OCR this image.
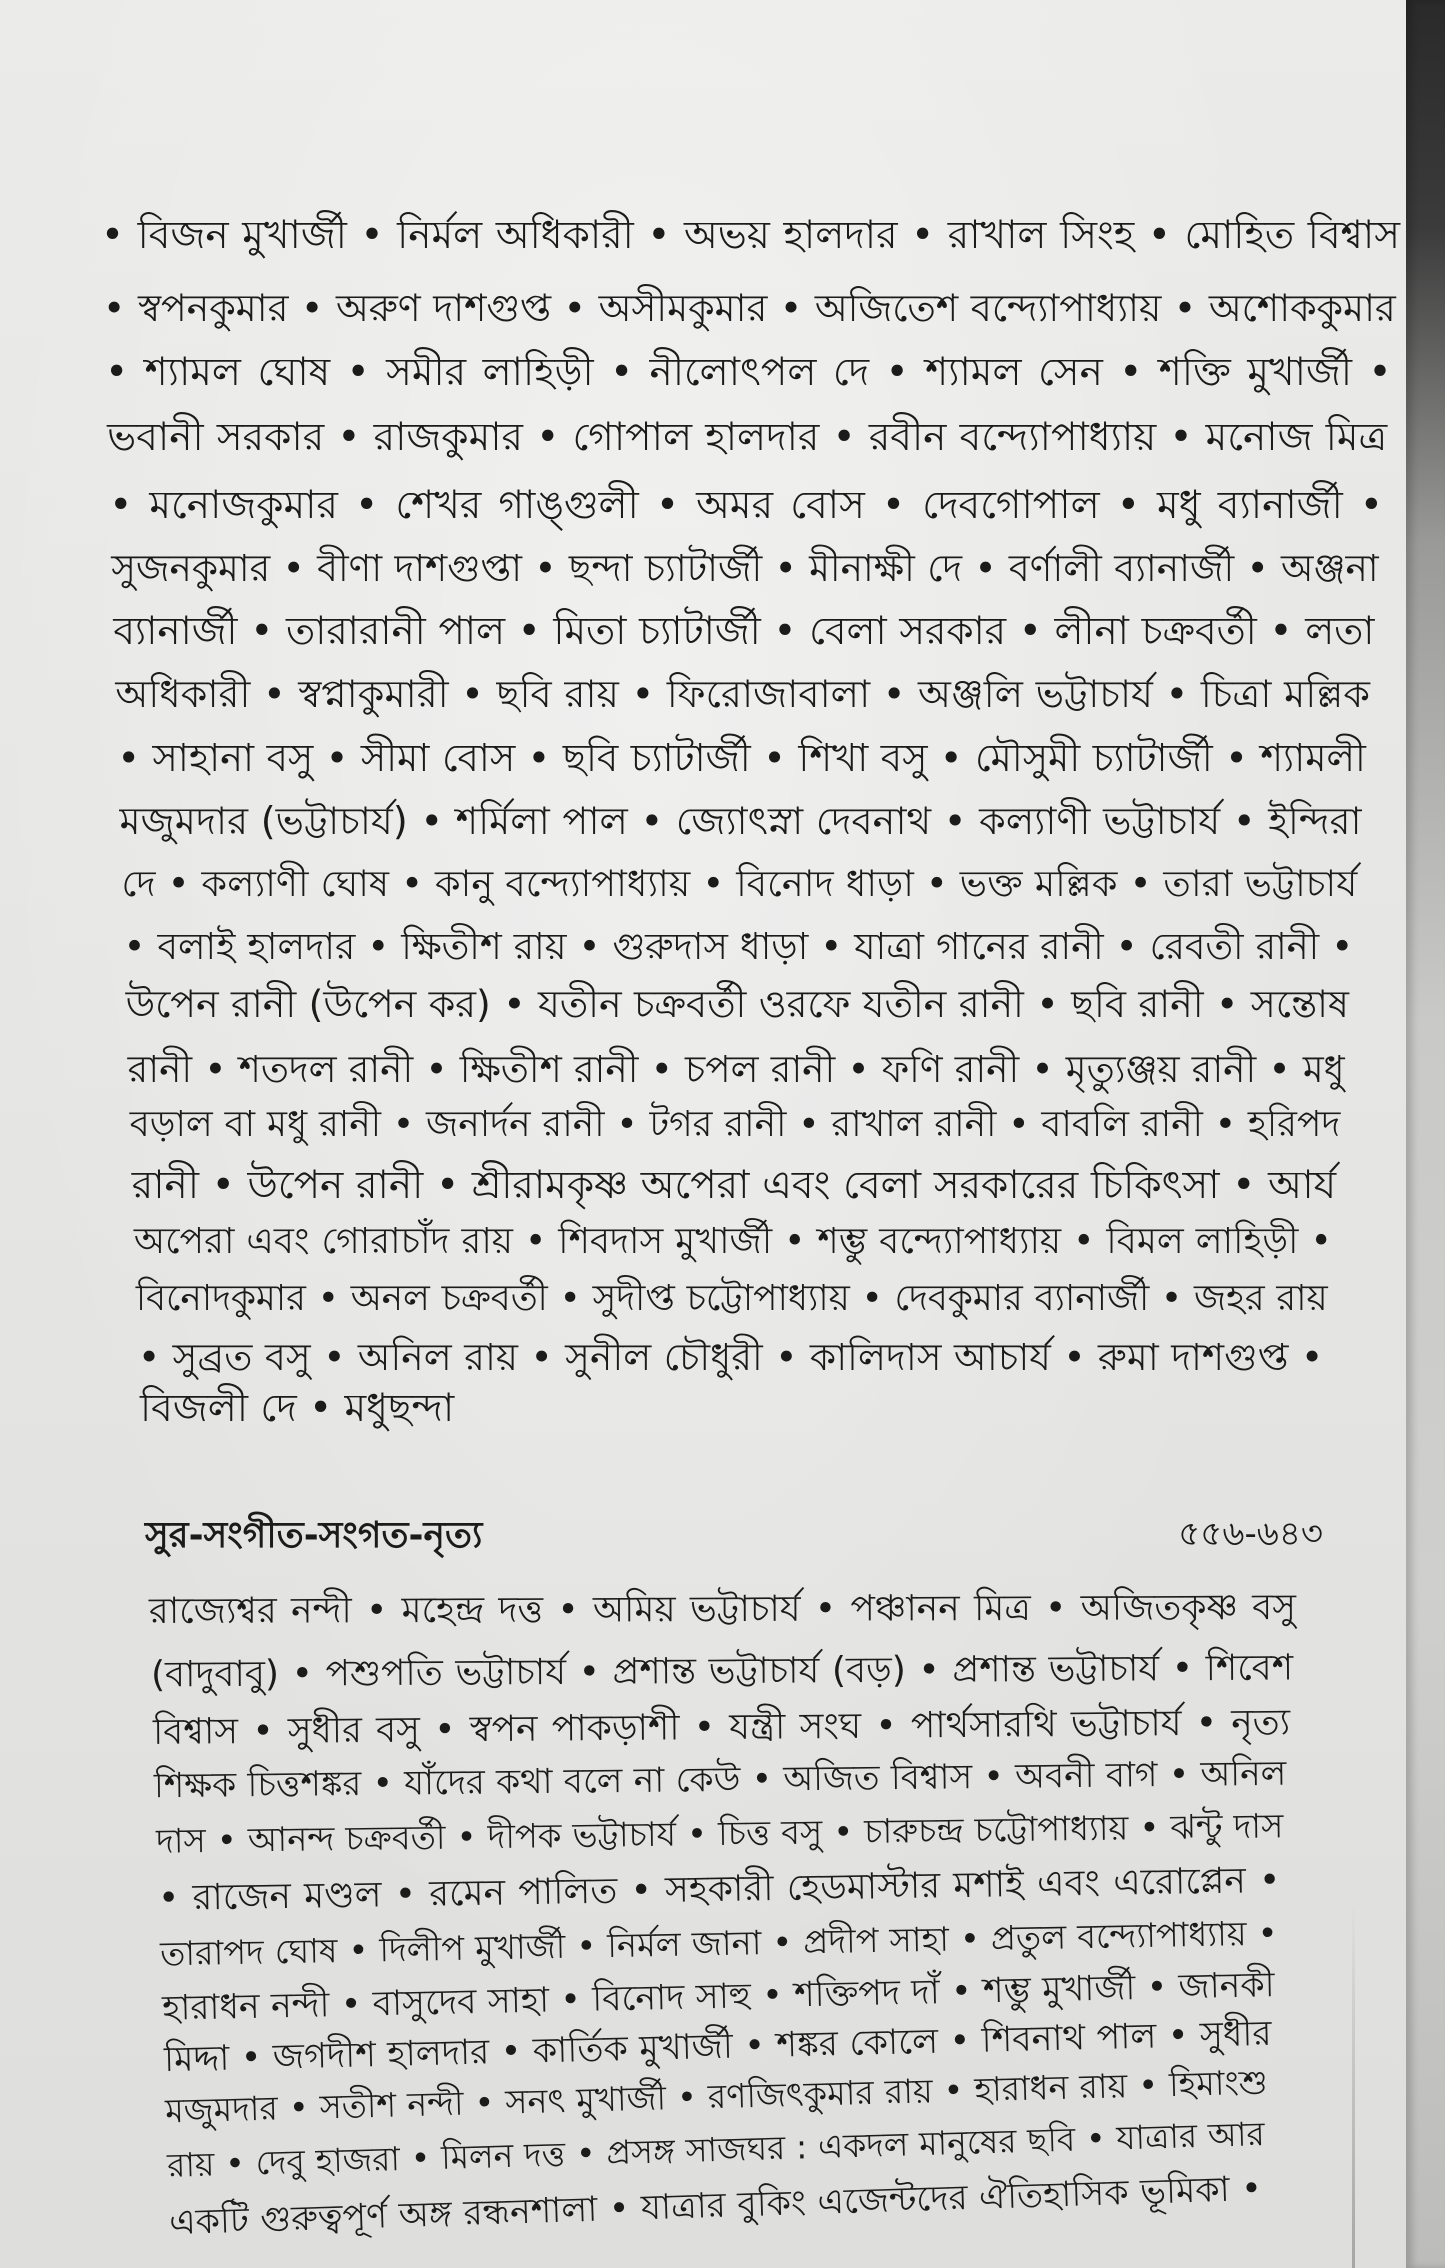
• বিজন মুখার্জী • নির্মল অধিকারী • অভয় হালদার • রাখাল সিংহ • মোহিত বিশ্বাস
• স্বপনকুমার • অরুণ দাশগুপ্ত • অসীমকুমার • অজিতেশ বন্দ্যোপাধ্যায় • অশোককুমার
• শ্যামল ঘোষ • সমীর লাহিড়ী • নীলোৎপল দে • শ্যামল সেন • শক্তি মুখার্জী •
ভবানী সরকার • রাজকুমার • গোপাল হালদার • রবীন বন্দ্যোপাধ্যায় • মনোজ মিত্র
• মনোজকুমার • শেখর গাঙ্গুলী • অমর বোস • দেবগোপাল • মধু ব্যানার্জী •
সুজনকুমার • বীণা দাশগুপ্তা • ছন্দা চ্যাটার্জী • মীনাক্ষী দে • বর্ণালী ব্যানার্জী • অঞ্জনা
ব্যানার্জী • তারারানী পাল • মিতা চ্যাটার্জী • বেলা সরকার • লীনা চক্রবর্তী • লতা
অধিকারী • স্বপ্নাকুমারী • ছবি রায় • ফিরোজাবালা • অঞ্জলি ভট্টাচার্য • চিত্রা মল্লিক
• সাহানা বসু • সীমা বোস • ছবি চ্যাটার্জী • শিখা বসু • মৌসুমী চ্যাটার্জী • শ্যামলী
মজুমদার (ভট্টাচার্য) • শর্মিলা পাল • জ্যোৎস্না দেবনাথ • কল্যাণী ভট্টাচার্য • ইন্দিরা
দে • কল্যাণী ঘোষ • কানু বন্দ্যোপাধ্যায় • বিনোদ ধাড়া • ভক্ত মল্লিক • তারা ভট্টাচার্য
• বলাই হালদার • ক্ষিতীশ রায় • গুরুদাস ধাড়া • যাত্রা গানের রানী • রেবতী রানী •
উপেন রানী (উপেন কর) • যতীন চক্রবর্তী ওরফে যতীন রানী • ছবি রানী • সন্তোষ
রানী • শতদল রানী • ক্ষিতীশ রানী • চপল রানী • ফণি রানী • মৃত্যুঞ্জয় রানী • মধু
বড়াল বা মধু রানী • জনার্দন রানী • টগর রানী • রাখাল রানী • বাবলি রানী • হরিপদ
রানী • উপেন রানী • শ্রীরামকৃষ্ণ অপেরা এবং বেলা সরকারের চিকিৎসা • আর্য
অপেরা এবং গোরাচাঁদ রায় • শিবদাস মুখার্জী • শম্ভু বন্দ্যোপাধ্যায় • বিমল লাহিড়ী •
বিনোদকুমার • অনল চক্রবর্তী • সুদীপ্ত চট্টোপাধ্যায় • দেবকুমার ব্যানার্জী • জহর রায়
• সুব্রত বসু • অনিল রায় • সুনীল চৌধুরী • কালিদাস আচার্য • রুমা দাশগুপ্ত •
বিজলী দে • মধুছন্দা
সুর-সংগীত-সংগত-নৃত্য	৫৫৬-৬৪৩
রাজ্যেশ্বর নন্দী • মহেন্দ্র দত্ত • অমিয় ভট্টাচার্য • পঞ্চানন মিত্র • অজিতকৃষ্ণ বসু
(বাদুবাবু) • পশুপতি ভট্টাচার্য • প্রশান্ত ভট্টাচার্য (বড়) • প্রশান্ত ভট্টাচার্য • শিবেশ
বিশ্বাস • সুধীর বসু • স্বপন পাকড়াশী • যন্ত্রী সংঘ • পার্থসারথি ভট্টাচার্য • নৃত্য
শিক্ষক চিত্তশঙ্কর • যাঁদের কথা বলে না কেউ • অজিত বিশ্বাস • অবনী বাগ • অনিল
দাস • আনন্দ চক্রবর্তী • দীপক ভট্টাচার্য • চিত্ত বসু • চারুচন্দ্র চট্টোপাধ্যায় • ঝন্টু দাস
• রাজেন মণ্ডল • রমেন পালিত • সহকারী হেডমাস্টার মশাই এবং এরোপ্লেন •
তারাপদ ঘোষ • দিলীপ মুখার্জী • নির্মল জানা • প্রদীপ সাহা • প্রতুল বন্দ্যোপাধ্যায় •
হারাধন নন্দী • বাসুদেব সাহা • বিনোদ সাহু • শক্তিপদ দাঁ • শম্ভু মুখার্জী • জানকী
মিদ্দা • জগদীশ হালদার • কার্তিক মুখার্জী • শঙ্কর কোলে • শিবনাথ পাল • সুধীর
মজুমদার • সতীশ নন্দী • সনৎ মুখার্জী • রণজিৎকুমার রায় • হারাধন রায় • হিমাংশু
রায় • দেবু হাজরা • মিলন দত্ত • প্রসঙ্গ সাজঘর : একদল মানুষের ছবি • যাত্রার আর
একটি গুরুত্বপূর্ণ অঙ্গ রন্ধনশালা • যাত্রার বুকিং এজেন্টদের ঐতিহাসিক ভূমিকা •
